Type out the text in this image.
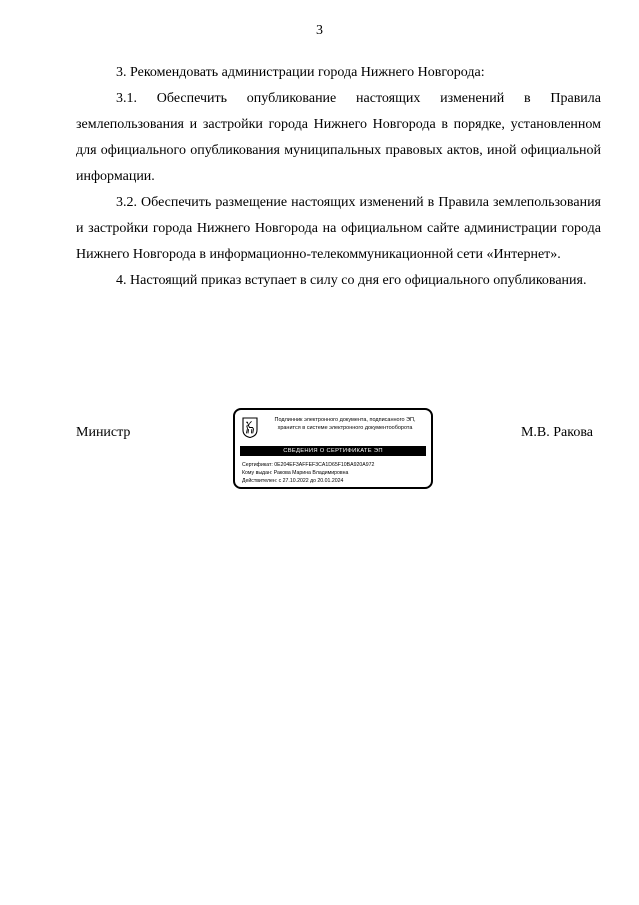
3

3. Рекомендовать администрации города Нижнего Новгорода:

3.1. Обеспечить опубликование настоящих изменений в Правила землепользования и застройки города Нижнего Новгорода в порядке, установленном для официального опубликования муниципальных правовых актов, иной официальной информации.

3.2. Обеспечить размещение настоящих изменений в Правила землепользования и застройки города Нижнего Новгорода на официальном сайте администрации города Нижнего Новгорода в информационно-телекоммуникационной сети «Интернет».

4. Настоящий приказ вступает в силу со дня его официального опубликования.

Министр
Подлинник электронного документа, подписанного ЭП,
хранится в системе электронного документооборота
СВЕДЕНИЯ О СЕРТИФИКАТЕ ЭП
Сертификат: 0E204EF3AFFEF3CA1D65F10BA920A972
Кому выдан: Ракова Марина Владимировна
Действителен: с 27.10.2022 до 20.01.2024
М.В. Ракова
